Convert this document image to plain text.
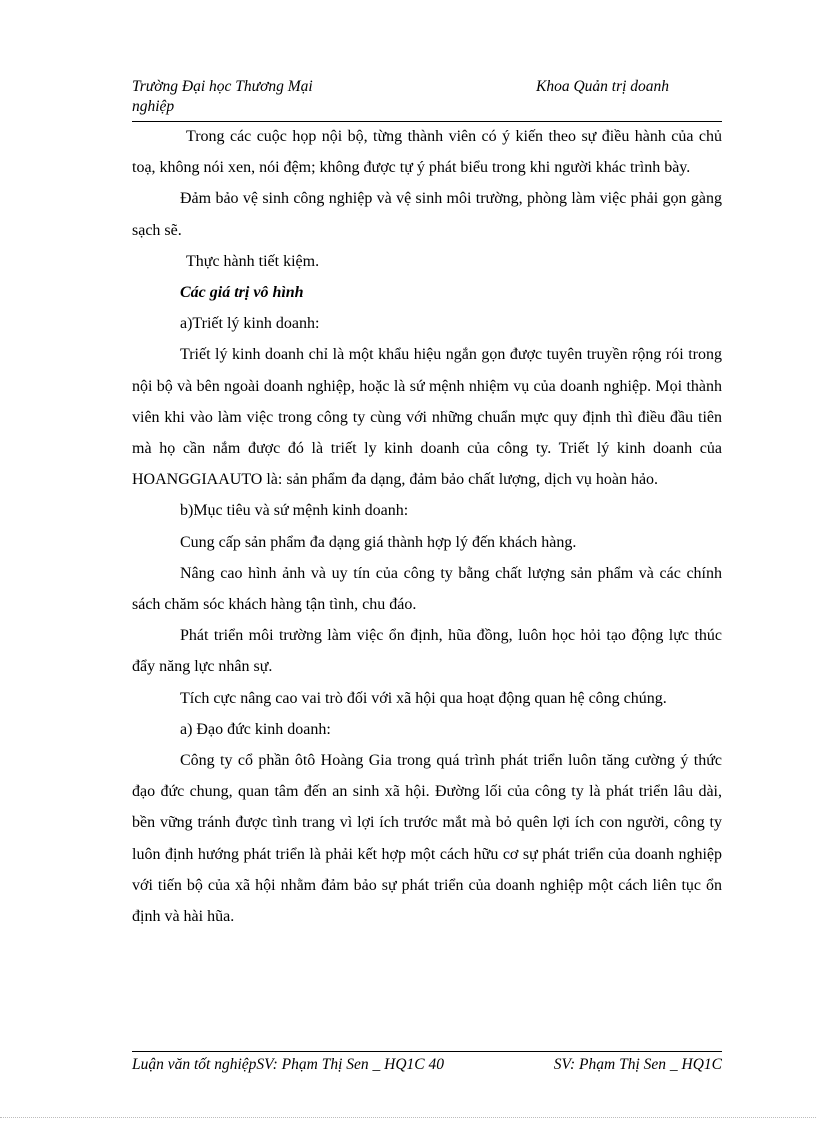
Trường Đại học Thương Mại	Khoa Quản trị doanh
nghiệp

Trong các cuộc họp nội bộ, từng thành viên có ý kiến theo sự điều hành của chủ toạ, không nói xen, nói đệm; không được tự ý phát biểu trong khi người khác trình bày.

Đảm bảo vệ sinh công nghiệp và vệ sinh môi trường, phòng làm việc phải gọn gàng sạch sẽ.

Thực hành tiết kiệm.

Các giá trị vô hình

a)Triết lý kinh doanh:

Triết lý kinh doanh chỉ là một khẩu hiệu ngắn gọn được tuyên truyền rộng rói trong nội bộ và bên ngoài doanh nghiệp, hoặc là sứ mệnh nhiệm vụ của doanh nghiệp. Mọi thành viên khi vào làm việc trong công ty cùng với những chuẩn mực quy định thì điều đầu tiên mà họ cần nắm được đó là triết ly kinh doanh của công ty. Triết lý kinh doanh của HOANGGIAAUTO là: sản phẩm đa dạng, đảm bảo chất lượng, dịch vụ hoàn hảo.

b)Mục tiêu và sứ mệnh kinh doanh:

Cung cấp sản phẩm đa dạng giá thành hợp lý đến khách hàng.

Nâng cao hình ảnh và uy tín của công ty bằng chất lượng sản phẩm và các chính sách chăm sóc khách hàng tận tình, chu đáo.

Phát triển môi trường làm việc ổn định, hũa đồng, luôn học hỏi tạo động lực thúc đẩy năng lực nhân sự.

Tích cực nâng cao vai trò đối với xã hội qua hoạt động quan hệ công chúng.

a) Đạo đức kinh doanh:

Công ty cổ phần ôtô Hoàng Gia trong quá trình phát triển luôn tăng cường ý thức đạo đức chung, quan tâm đến an sinh xã hội. Đường lối của công ty là phát triển lâu dài, bền vững tránh được tình trang vì lợi ích trước mắt mà bỏ quên lợi ích con người, công ty luôn định hướng phát triển là phải kết hợp một cách hữu cơ sự phát triển của doanh nghiệp với tiến bộ của xã hội nhằm đảm bảo sự phát triển của doanh nghiệp một cách liên tục ổn định và hài hũa.

Luận văn tốt nghiệpSV: Phạm Thị Sen _ HQ1C 40	SV: Phạm Thị Sen _ HQ1C
